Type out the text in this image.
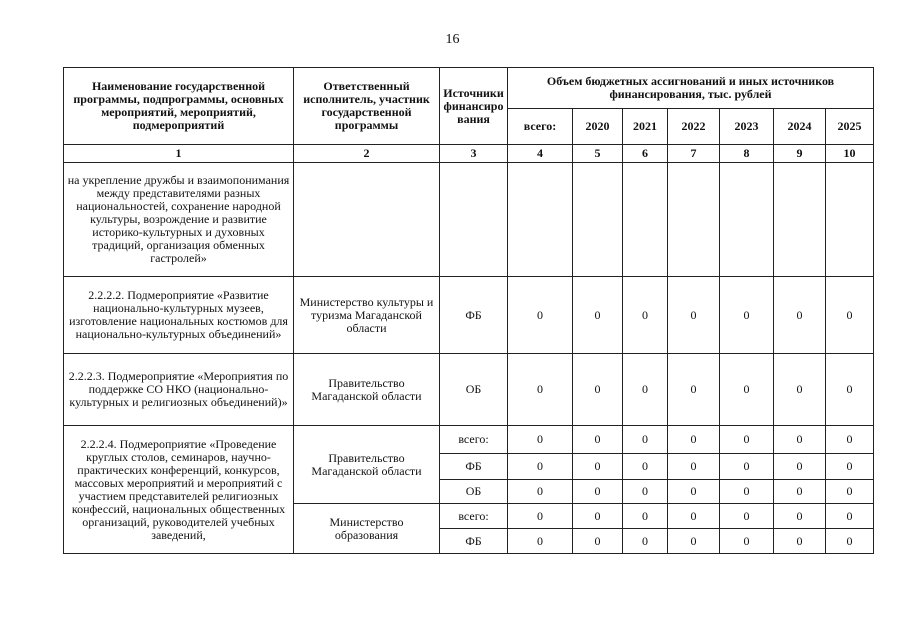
16
Наименование государственной программы, подпрограммы, основных мероприятий, мероприятий, подмероприятий	Ответственный исполнитель, участник государственной программы	Источники финансиро вания	Объем бюджетных ассигнований и иных источников финансирования, тыс. рублей						
			всего:	2020	2021	2022	2023	2024	2025
1	2	3	4	5	6	7	8	9	10
на укрепление дружбы и взаимопонимания между представителями разных национальностей, сохранение народной культуры, возрождение и развитие историко-культурных и духовных традиций, организация обменных гастролей»									
2.2.2.2. Подмероприятие «Развитие национально-культурных музеев, изготовление национальных костюмов для национально-культурных объединений»	Министерство культуры и туризма Магаданской области	ФБ	0	0	0	0	0	0	0
2.2.2.3. Подмероприятие «Мероприятия по поддержке СО НКО (национально-культурных и религиозных объединений)»	Правительство Магаданской области	ОБ	0	0	0	0	0	0	0
2.2.2.4. Подмероприятие «Проведение круглых столов, семинаров, научно-практических конференций, конкурсов, массовых мероприятий и мероприятий с участием представителей религиозных конфессий, национальных общественных организаций, руководителей учебных заведений,	Правительство Магаданской области	всего:	0	0	0	0	0	0	0
		ФБ	0	0	0	0	0	0	0
		ОБ	0	0	0	0	0	0	0
	Министерство образования	всего:	0	0	0	0	0	0	0
		ФБ	0	0	0	0	0	0	0
